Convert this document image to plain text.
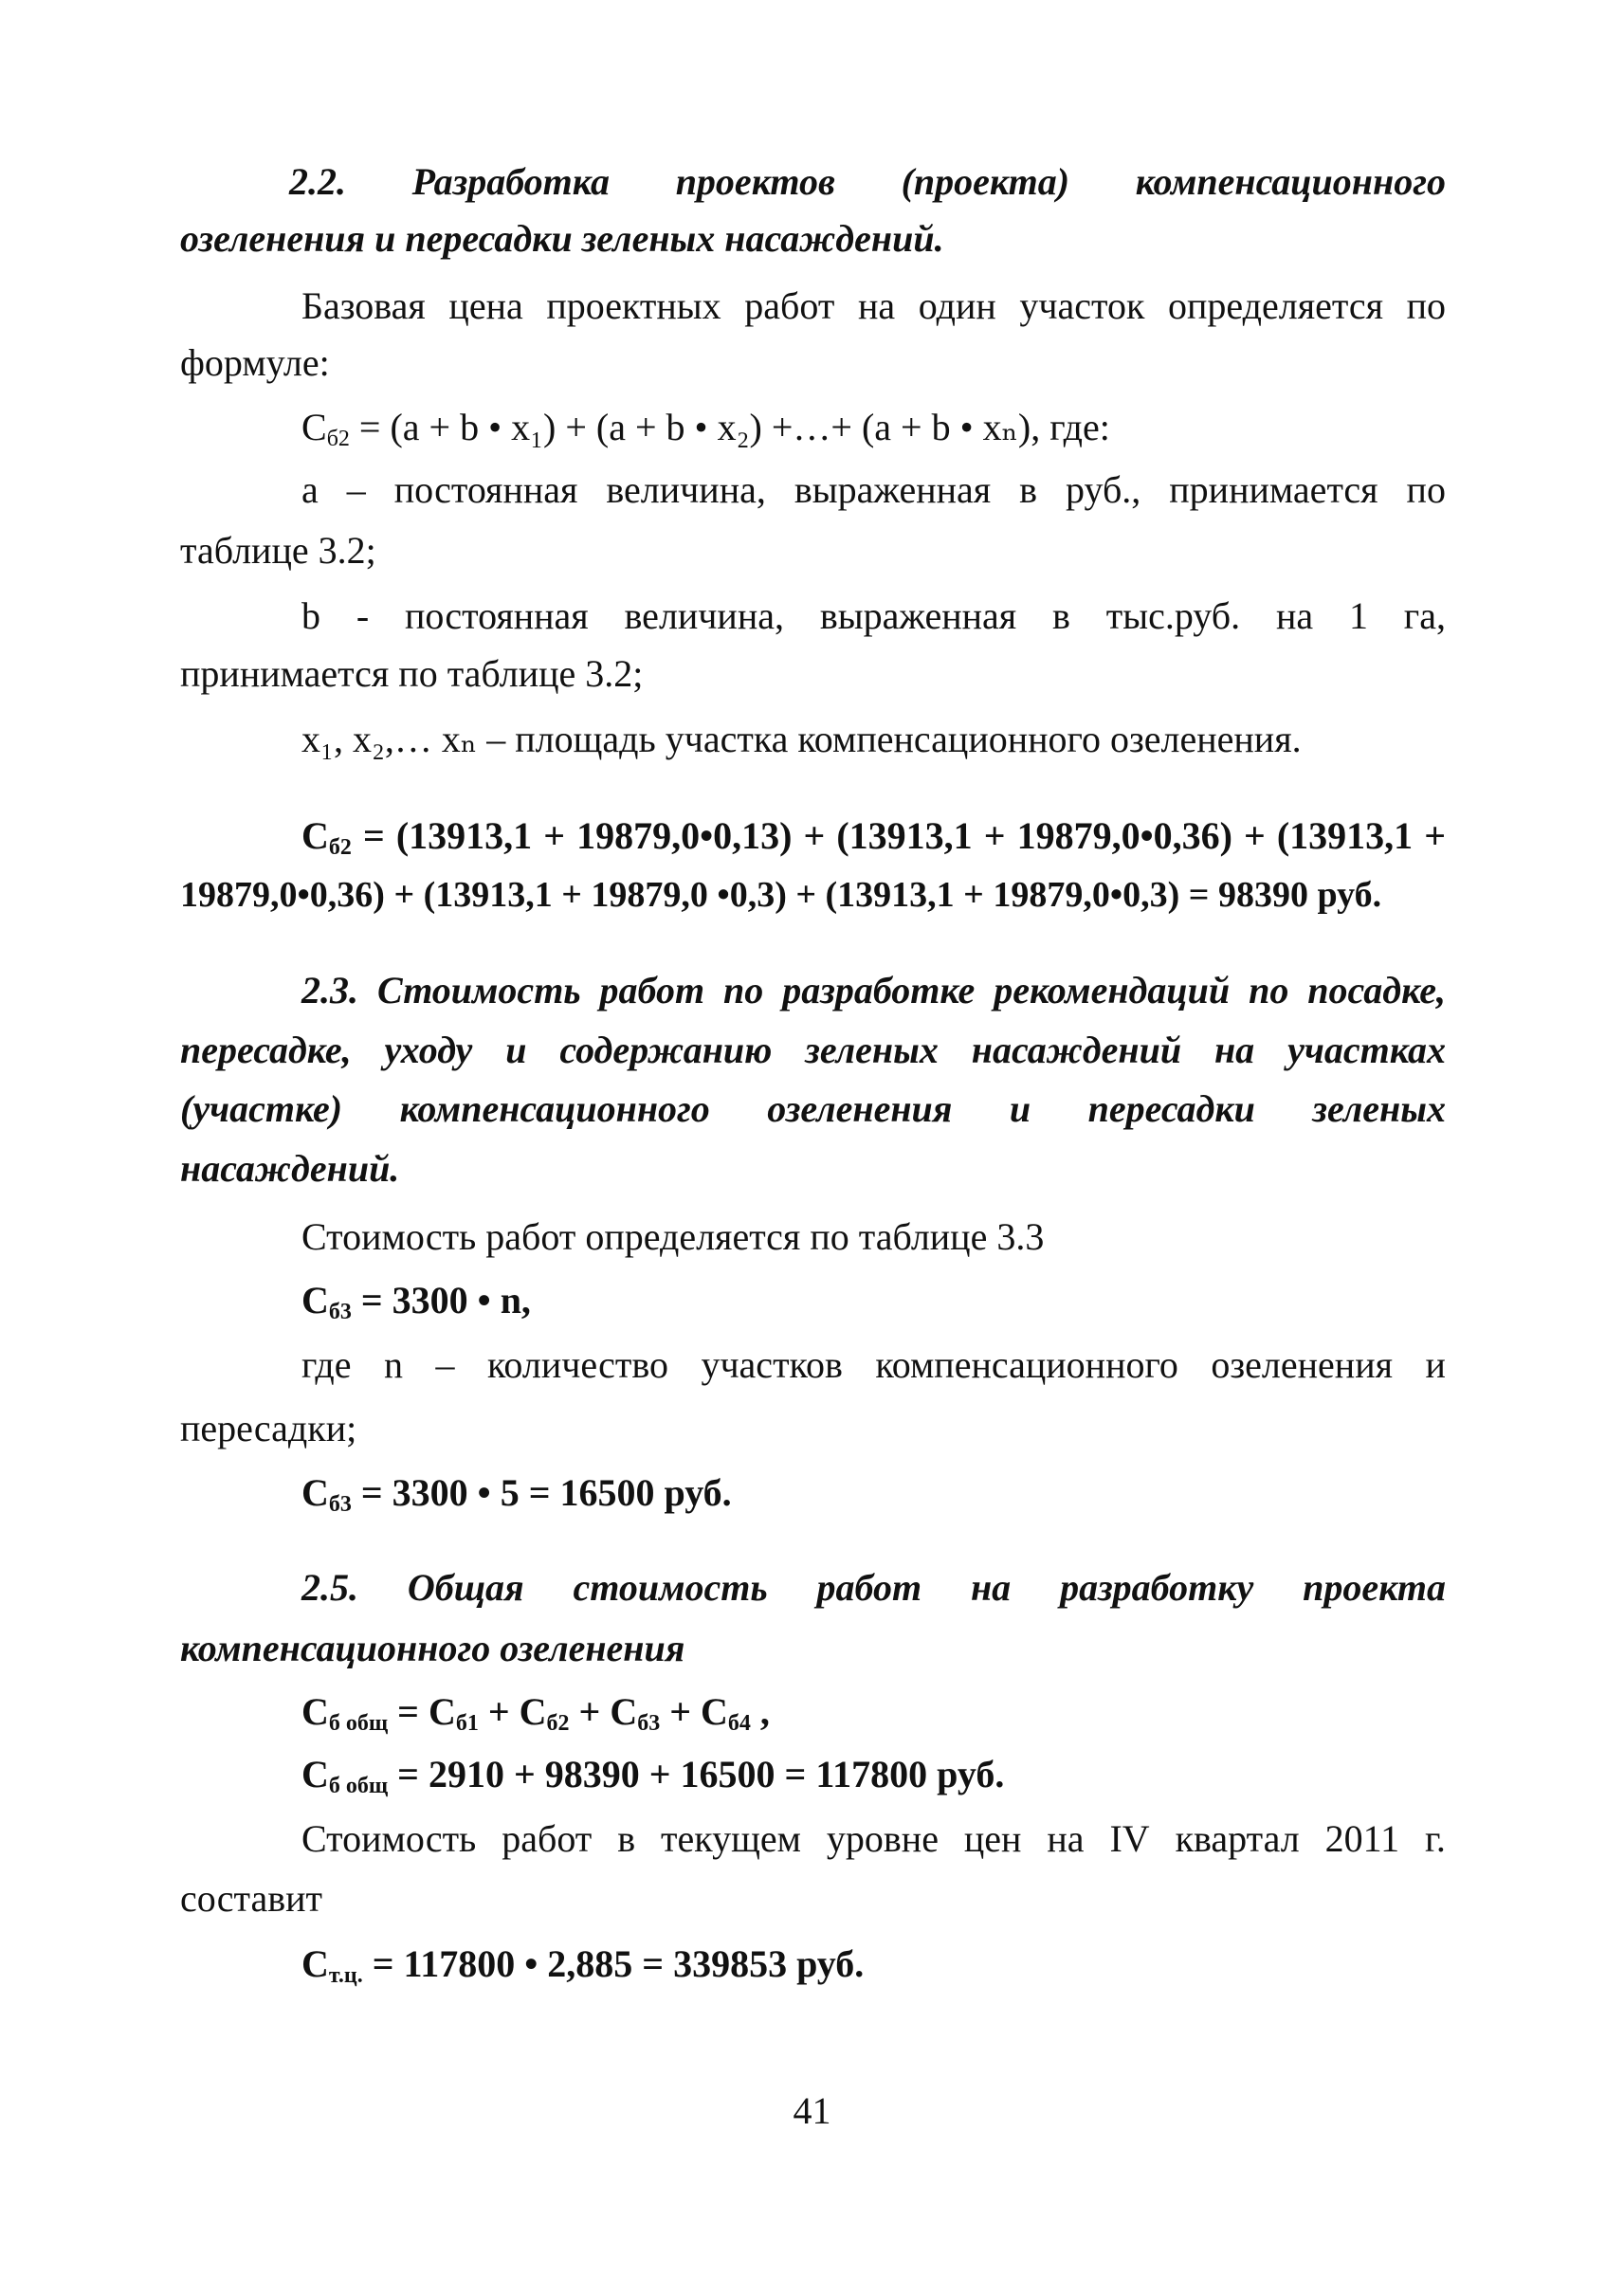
2.2. Разработка проектов (проекта) компенсационного
озеленения и пересадки зеленых насаждений.
Базовая цена проектных работ на один участок определяется по
формуле:
$С_{б2} = (a + b$ • x₁) + (a + b • x₂) +…+ (a + b • xₙ), где:
а – постоянная величина, выраженная в руб., принимается по
таблице 3.2;
b - постоянная величина, выраженная в тыс.руб. на 1 га,
принимается по таблице 3.2;
x₁, x₂,… xₙ – площадь участка компенсационного озеленения.
$С_{б2} = (13913,1$ + 19879,0•0,13) + (13913,1 + 19879,0•0,36) + (13913,1 +
19879,0•0,36) + (13913,1 + 19879,0 •0,3) + (13913,1 + 19879,0•0,3) = 98390 руб.
2.3. Стоимость работ по разработке рекомендаций по посадке,
пересадке, уходу и содержанию зеленых насаждений на участках
(участке) компенсационного озеленения и пересадки зеленых
насаждений.
Стоимость работ определяется по таблице 3.3
$С_{б3} = 3300$ • n,
где n – количество участков компенсационного озеленения и
пересадки;
$С_{б3} = 3300$ • 5 = 16500 руб.
2.5. Общая стоимость работ на разработку проекта
компенсационного озеленения
$С_{б общ} = С_{б1} + С_{б2} + С_{б3} + С_{б4}$ ,
$С_{б общ} = 2910 + 98390 + 16500 = 117800$ руб.
Стоимость работ в текущем уровне цен на IV квартал 2011 г.
составит
$С_{т.ц.} = 117800$ • 2,885 = 339853 руб.
41
